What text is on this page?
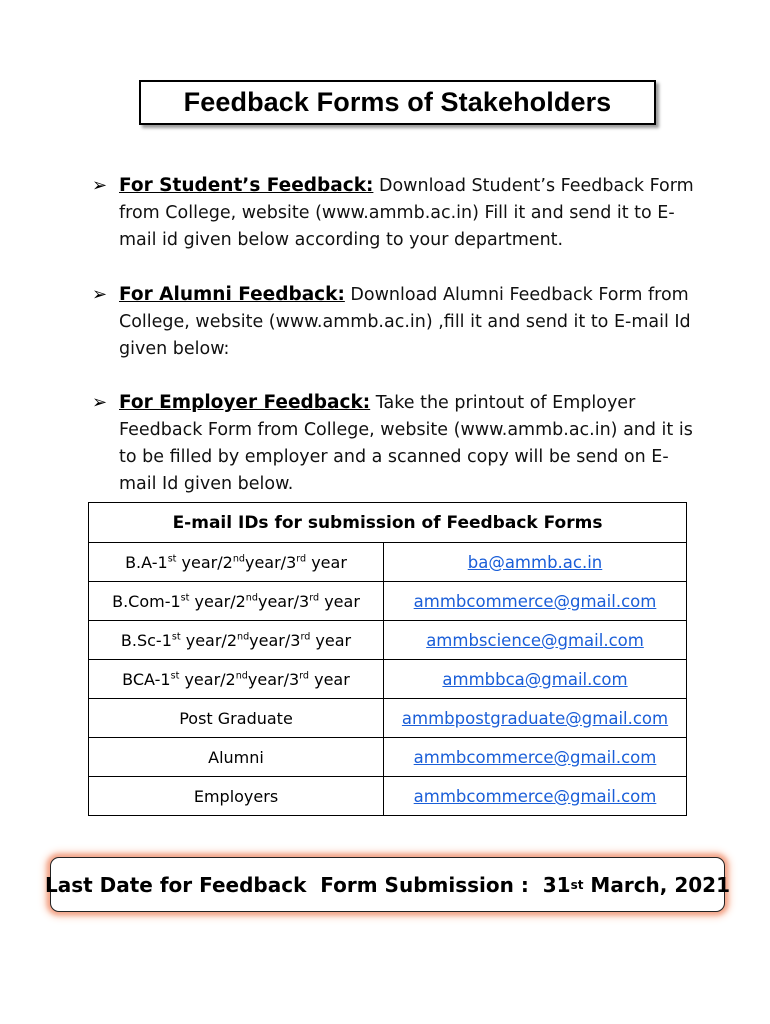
Feedback Forms of Stakeholders
➢ For Student’s Feedback: Download Student’s Feedback Form from College, website (www.ammb.ac.in) Fill it and send it to E-mail id given below according to your department.
➢ For Alumni Feedback: Download Alumni Feedback Form from College, website (www.ammb.ac.in) ,fill it and send it to E-mail Id given below:
➢ For Employer Feedback: Take the printout of Employer Feedback Form from College, website (www.ammb.ac.in) and it is to be filled by employer and a scanned copy will be send on E-mail Id given below.
E-mail IDs for submission of Feedback Forms	
B.A-1st year/2ndyear/3rd year	ba@ammb.ac.in
B.Com-1st year/2ndyear/3rd year	ammbcommerce@gmail.com
B.Sc-1st year/2ndyear/3rd year	ammbscience@gmail.com
BCA-1st year/2ndyear/3rd year	ammbbca@gmail.com
Post Graduate	ammbpostgraduate@gmail.com
Alumni	ammbcommerce@gmail.com
Employers	ammbcommerce@gmail.com
Last Date for Feedback  Form Submission :  31 st March, 2021
